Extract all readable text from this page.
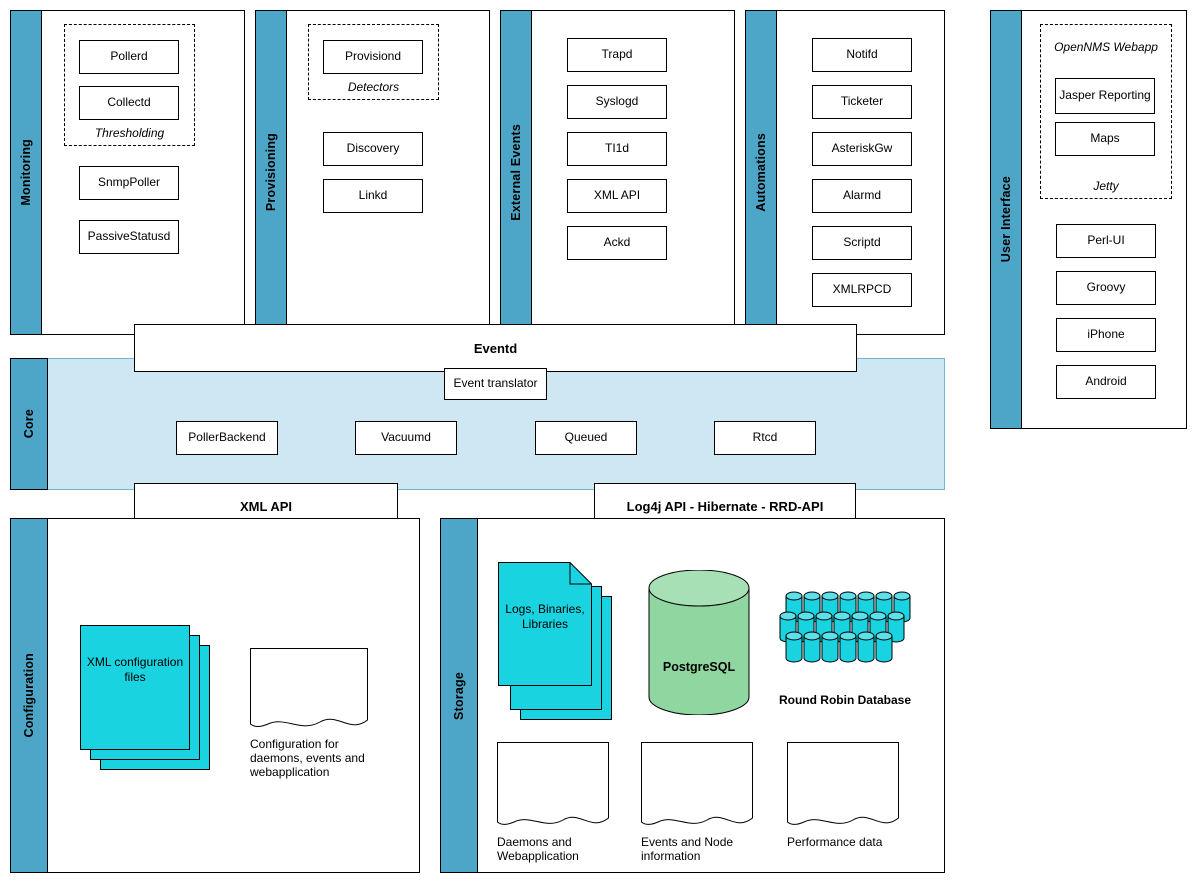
Monitoring
Pollerd
Collectd
Thresholding
SnmpPoller
PassiveStatusd
Provisioning
Provisiond
Detectors
Discovery
Linkd	External Events
Trapd
Syslogd
TI1d
XML API
Ackd
Automations
Notifd
Ticketer
AsteriskGw
Alarmd
Scriptd
XMLRPCD
User Interface
OpenNMS Webapp
Jasper Reporting
Maps
Jetty
Perl-UI
Groovy
iPhone
Android
Core
Eventd
Event translator
PollerBackend	Vacuumd	Queued	Rtcd
XML API	Log4j API - Hibernate - RRD-API
Configuration	XML configuration files
Configuration for daemons, events and webapplication
Storage
Logs, Binaries, Libraries
PostgreSQL
Round Robin Database
Daemons and Webapplication
Events and Node information
Performance data
